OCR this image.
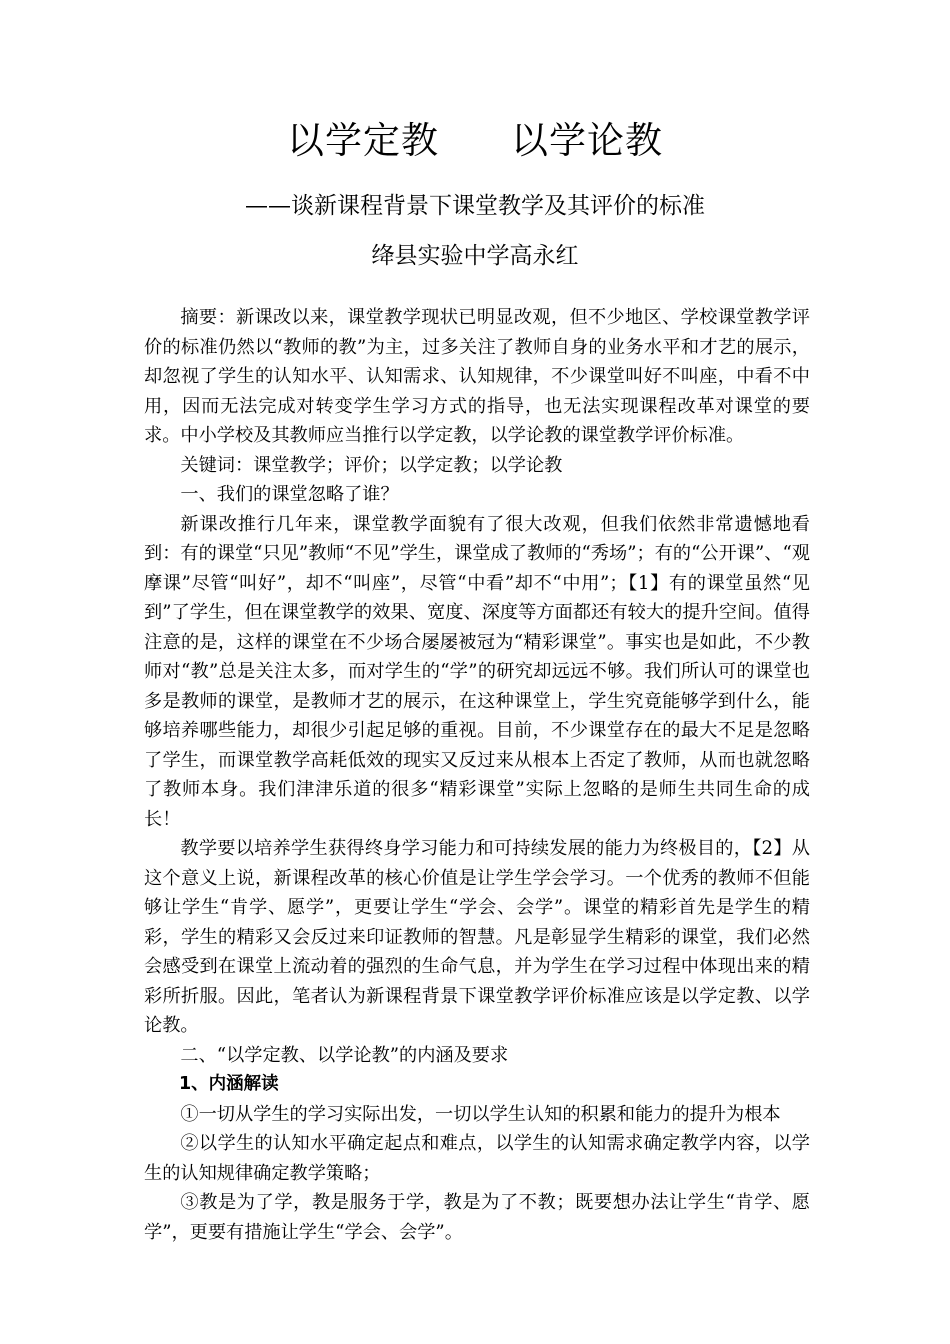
以学定教 以学论教
——谈新课程背景下课堂教学及其评价的标准
绛县实验中学高永红

摘要：新课改以来，课堂教学现状已明显改观，但不少地区、学校课堂教学评价的标准仍然以“教师的教”为主，过多关注了教师自身的业务水平和才艺的展示，却忽视了学生的认知水平、认知需求、认知规律，不少课堂叫好不叫座，中看不中用，因而无法完成对转变学生学习方式的指导，也无法实现课程改革对课堂的要求。中小学校及其教师应当推行以学定教，以学论教的课堂教学评价标准。

关键词：课堂教学；评价；以学定教；以学论教

一、我们的课堂忽略了谁？

新课改推行几年来，课堂教学面貌有了很大改观，但我们依然非常遗憾地看到：有的课堂“只见”教师“不见”学生，课堂成了教师的“秀场”；有的“公开课”、“观摩课”尽管“叫好”，却不“叫座”，尽管“中看”却不“中用”；【1】有的课堂虽然“见到”了学生，但在课堂教学的效果、宽度、深度等方面都还有较大的提升空间。值得注意的是，这样的课堂在不少场合屡屡被冠为“精彩课堂”。事实也是如此，不少教师对“教”总是关注太多，而对学生的“学”的研究却远远不够。我们所认可的课堂也多是教师的课堂，是教师才艺的展示，在这种课堂上，学生究竟能够学到什么，能够培养哪些能力，却很少引起足够的重视。目前，不少课堂存在的最大不足是忽略了学生，而课堂教学高耗低效的现实又反过来从根本上否定了教师，从而也就忽略了教师本身。我们津津乐道的很多“精彩课堂”实际上忽略的是师生共同生命的成长！

教学要以培养学生获得终身学习能力和可持续发展的能力为终极目的，【2】从这个意义上说，新课程改革的核心价值是让学生学会学习。一个优秀的教师不但能够让学生“肯学、愿学”，更要让学生“学会、会学”。课堂的精彩首先是学生的精彩，学生的精彩又会反过来印证教师的智慧。凡是彰显学生精彩的课堂，我们必然会感受到在课堂上流动着的强烈的生命气息，并为学生在学习过程中体现出来的精彩所折服。因此，笔者认为新课程背景下课堂教学评价标准应该是以学定教、以学论教。

二、“以学定教、以学论教”的内涵及要求

1、内涵解读

①一切从学生的学习实际出发，一切以学生认知的积累和能力的提升为根本

②以学生的认知水平确定起点和难点，以学生的认知需求确定教学内容，以学生的认知规律确定教学策略；

③教是为了学，教是服务于学，教是为了不教；既要想办法让学生“肯学、愿学”，更要有措施让学生“学会、会学”。
